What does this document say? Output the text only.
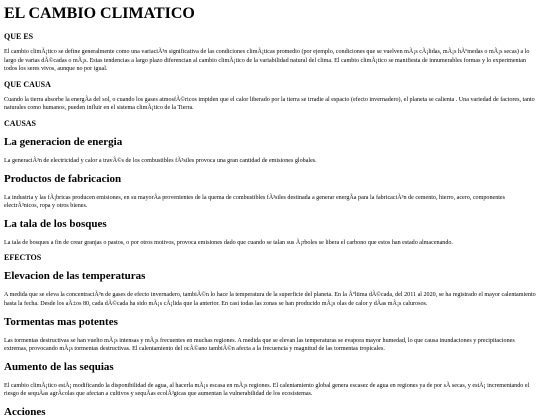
EL CAMBIO CLIMATICO
QUE ES

El cambio climÃ¡tico se define generalmente como una variaciÃ³n significativa de las condiciones climÃ¡ticas promedio (por ejemplo, condiciones que se vuelven mÃ¡s cÃ¡lidas, mÃ¡s hÃºmedas o mÃ¡s secas) a lo largo de varias dÃ©cadas o mÃ¡s. Estas tendencias a largo plazo diferencian al cambio climÃ¡tico de la variabilidad natural del clima. El cambio climÃ¡tico se manifiesta de innumerables formas y lo experimentan todos los seres vivos, aunque no por igual.

QUE CAUSA

Cuando la tierra absorbe la energÃa del sol, o cuando los gases atmosfÃ©ricos impiden que el calor liberado por la tierra se irradie al espacio (efecto invernadero), el planeta se calienta . Una variedad de factores, tanto naturales como humanos, pueden influir en el sistema climÃ¡tico de la Tierra.

CAUSAS
La generacion de energia

La generaciÃ³n de electricidad y calor a travÃ©s de los combustibles fÃ³siles provoca una gran cantidad de emisiones globales.

Productos de fabricacion

La industria y las fÃ¡bricas producen emisiones, en su mayorÃa provenientes de la quema de combustibles fÃ³siles destinada a generar energÃa para la fabricaciÃ³n de cemento, hierro, acero, componentes electrÃ³nicos, ropa y otros bienes.

La tala de los bosques

La tala de bosques a fin de crear granjas o pastos, o por otros motivos, provoca emisiones dado que cuando se talan sus Ã¡rboles se libera el carbono que estos han estado almacenando.

EFECTOS
Elevacion de las temperaturas

A medida que se eleva la concentraciÃ³n de gases de efecto invernadero, tambiÃ©n lo hace la temperatura de la superficie del planeta. En la Ãºltima dÃ©cada, del 2011 al 2020, se ha registrado el mayor calentamiento hasta la fecha. Desde los aÃ±os 80, cada dÃ©cada ha sido mÃ¡s cÃ¡lida que la anterior. En casi todas las zonas se han producido mÃ¡s olas de calor y dÃas mÃ¡s calurosos.

Tormentas mas potentes

Las tormentas destructivas se han vuelto mÃ¡s intensas y mÃ¡s frecuentes en muchas regiones. A medida que se elevan las temperaturas se evapora mayor humedad, lo que causa inundaciones y precipitaciones extremas, provocando mÃ¡s tormentas destructivas. El calentamiento del ocÃ©ano tambiÃ©n afecta a la frecuencia y magnitud de las tormentas tropicales.

Aumento de las sequias

El cambio climÃ¡tico estÃ¡ modificando la disponibilidad de agua, al hacerla mÃ¡s escasa en mÃ¡s regiones. El calentamiento global genera escasez de agua en regiones ya de por sÃ secas, y estÃ¡ incrementando el riesgo de sequÃas agrÃcolas que afectan a cultivos y sequÃas ecolÃ³gicas que aumentan la vulnerabilidad de los ecosistemas.

Acciones
